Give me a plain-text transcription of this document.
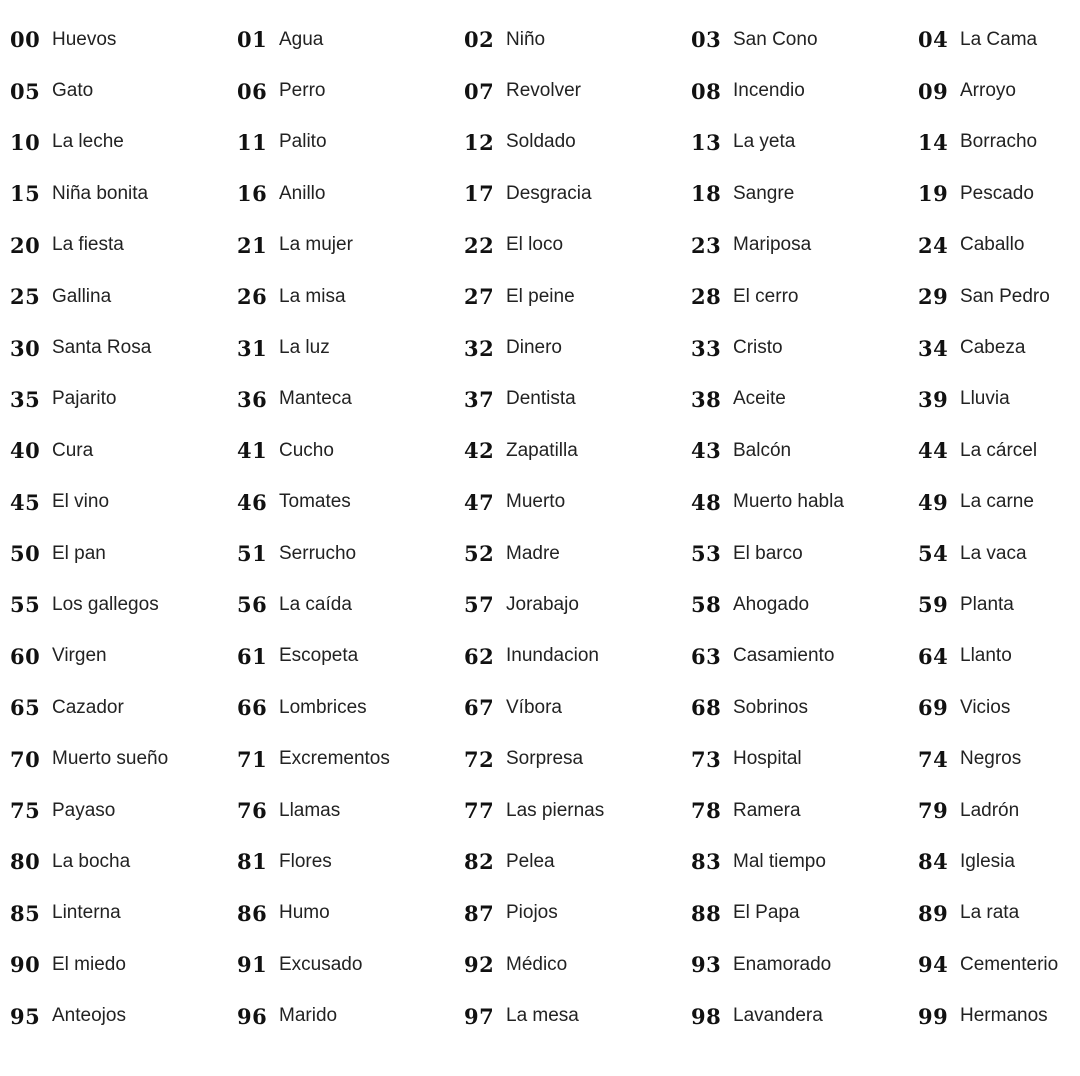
00 Huevos	01 Agua	02 Niño	03 San Cono	04 La Cama
05 Gato	06 Perro	07 Revolver	08 Incendio	09 Arroyo
10 La leche	11 Palito	12 Soldado	13 La yeta	14 Borracho
15 Niña bonita	16 Anillo	17 Desgracia	18 Sangre	19 Pescado
20 La fiesta	21 La mujer	22 El loco	23 Mariposa	24 Caballo
25 Gallina	26 La misa	27 El peine	28 El cerro	29 San Pedro
30 Santa Rosa	31 La luz	32 Dinero	33 Cristo	34 Cabeza
35 Pajarito	36 Manteca	37 Dentista	38 Aceite	39 Lluvia
40 Cura	41 Cucho	42 Zapatilla	43 Balcón	44 La cárcel
45 El vino	46 Tomates	47 Muerto	48 Muerto habla	49 La carne
50 El pan	51 Serrucho	52 Madre	53 El barco	54 La vaca
55 Los gallegos	56 La caída	57 Jorabajo	58 Ahogado	59 Planta
60 Virgen	61 Escopeta	62 Inundacion	63 Casamiento	64 Llanto
65 Cazador	66 Lombrices	67 Víbora	68 Sobrinos	69 Vicios
70 Muerto sueño	71 Excrementos	72 Sorpresa	73 Hospital	74 Negros
75 Payaso	76 Llamas	77 Las piernas	78 Ramera	79 Ladrón
80 La bocha	81 Flores	82 Pelea	83 Mal tiempo	84 Iglesia
85 Linterna	86 Humo	87 Piojos	88 El Papa	89 La rata
90 El miedo	91 Excusado	92 Médico	93 Enamorado	94 Cementerio
95 Anteojos	96 Marido	97 La mesa	98 Lavandera	99 Hermanos
